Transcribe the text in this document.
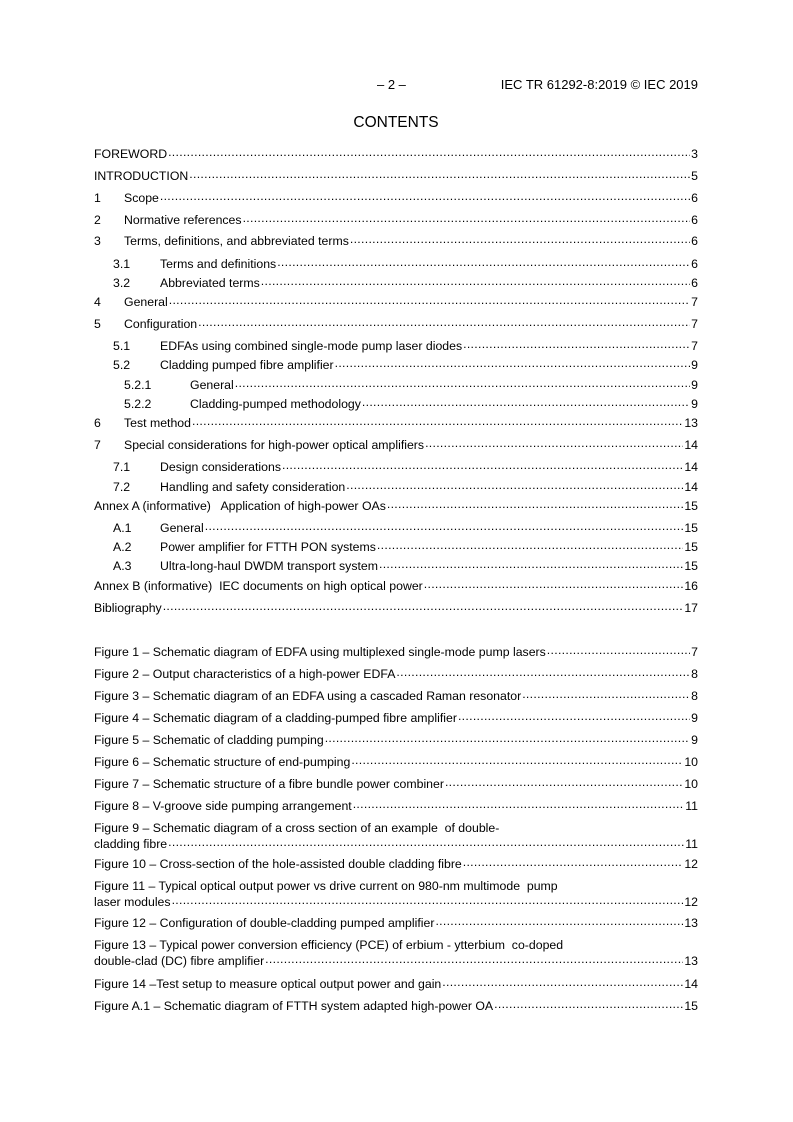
– 2 –	IEC TR 61292-8:2019 © IEC 2019
CONTENTS
FOREWORD .....	3
INTRODUCTION .....	5
1	Scope .....	6
2	Normative references .....	6
3	Terms, definitions, and abbreviated terms .....	6
3.1	Terms and definitions .....	6
3.2	Abbreviated terms .....	6
4	General .....	7
5	Configuration .....	7
5.1	EDFAs using combined single-mode pump laser diodes .....	7
5.2	Cladding pumped fibre amplifier .....	9
5.2.1	General .....	9
5.2.2	Cladding-pumped methodology .....	9
6	Test method .....	13
7	Special considerations for high-power optical amplifiers .....	14
7.1	Design considerations .....	14
7.2	Handling and safety consideration .....	14
Annex A (informative)   Application of high-power OAs .....	15
A.1	General .....	15
A.2	Power amplifier for FTTH PON systems .....	15
A.3	Ultra-long-haul DWDM transport system .....	15
Annex B (informative)  IEC documents on high optical power .....	16
Bibliography .....	17
Figure 1 – Schematic diagram of EDFA using multiplexed single-mode pump lasers .....	7
Figure 2 – Output characteristics of a high-power EDFA .....	8
Figure 3 – Schematic diagram of an EDFA using a cascaded Raman resonator .....	8
Figure 4 – Schematic diagram of a cladding-pumped fibre amplifier .....	9
Figure 5 – Schematic of cladding pumping .....	9
Figure 6 – Schematic structure of end-pumping .....	10
Figure 7 – Schematic structure of a fibre bundle power combiner .....	10
Figure 8 – V-groove side pumping arrangement .....	11
Figure 9 – Schematic diagram of a cross section of an example  of double-
cladding fibre .....	11
Figure 10 – Cross-section of the hole-assisted double cladding fibre .....	12
Figure 11 – Typical optical output power vs drive current on 980-nm multimode  pump
laser modules .....	12
Figure 12 – Configuration of double-cladding pumped amplifier .....	13
Figure 13 – Typical power conversion efficiency (PCE) of erbium - ytterbium  co-doped
double-clad (DC) fibre amplifier .....	13
Figure 14 –Test setup to measure optical output power and gain .....	14
Figure A.1 – Schematic diagram of FTTH system adapted high-power OA .....	15
